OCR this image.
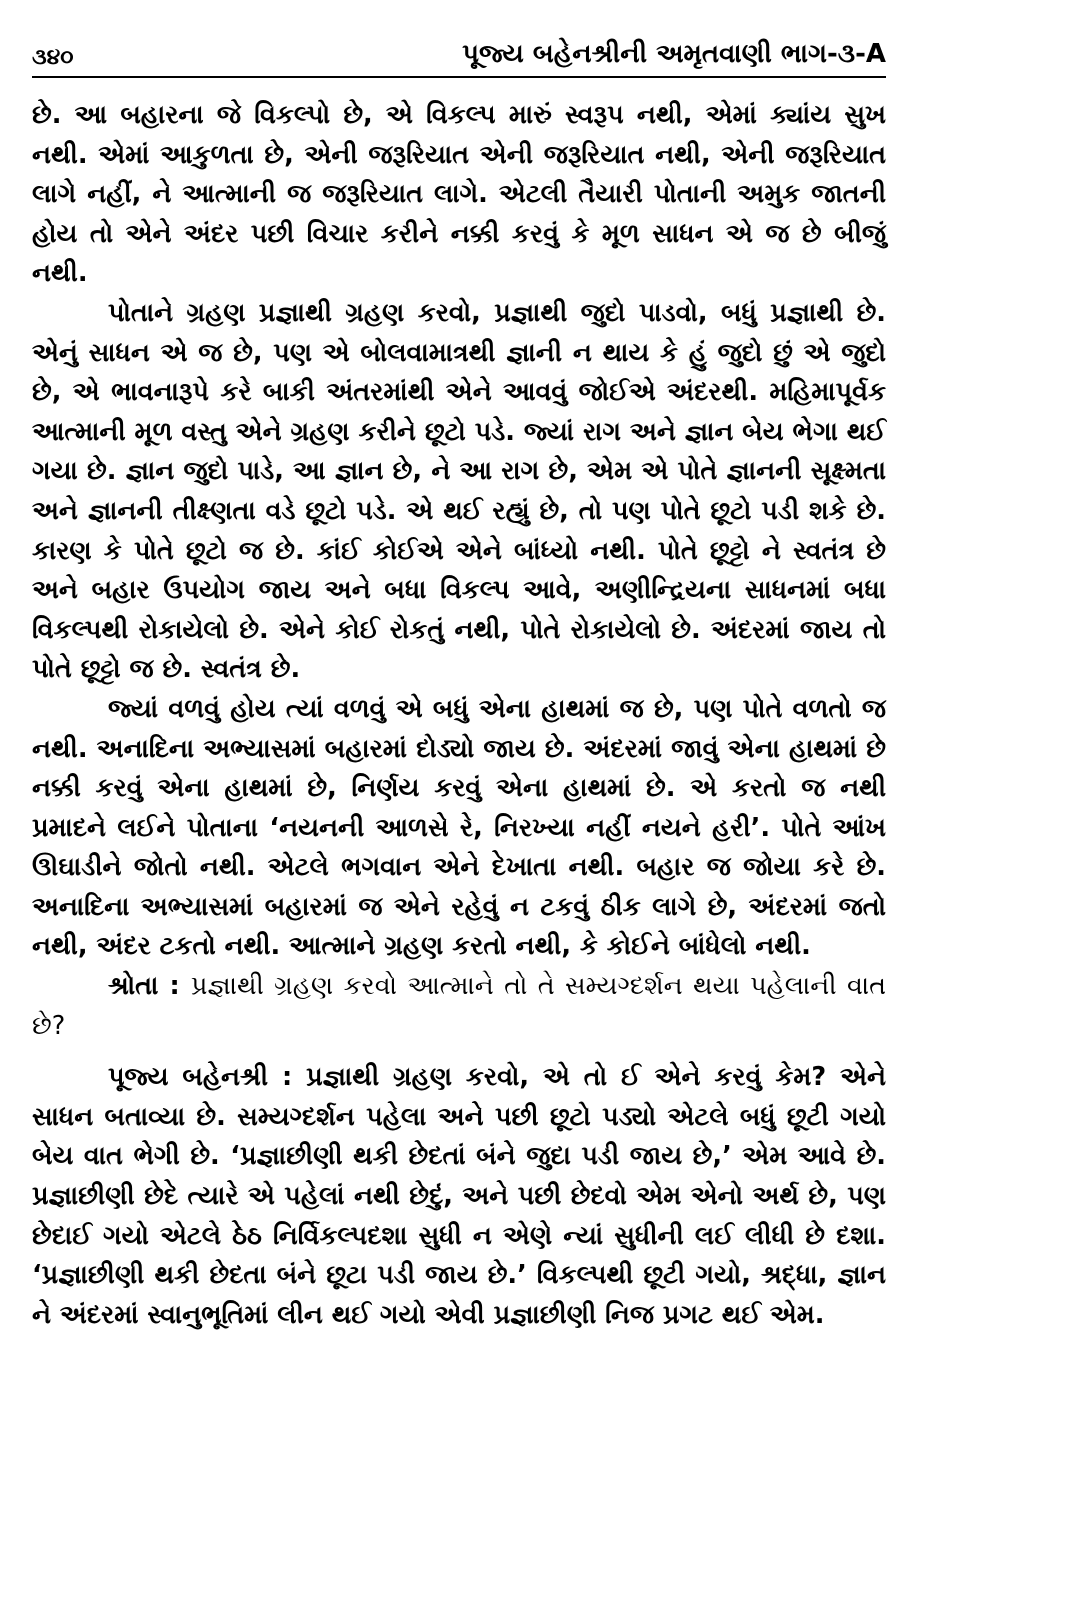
૩૪૦	પૂજ્ય બહેનશ્રીની અમૃતવાણી ભાગ-૩-A

છે. આ બહારના જે વિકલ્પો છે, એ વિકલ્પ મારું સ્વરૂપ નથી, એમાં ક્યાંય સુખ નથી. એમાં આકુળતા છે, એની જરૂરિયાત એની જરૂરિયાત નથી, એની જરૂરિયાત લાગે નહીં, ને આત્માની જ જરૂરિયાત લાગે. એટલી તૈયારી પોતાની અમુક જાતની હોય તો એને અંદર પછી વિચાર કરીને નક્કી કરવું કે મૂળ સાધન એ જ છે બીજું નથી.

પોતાને ગ્રહણ પ્રજ્ઞાથી ગ્રહણ કરવો, પ્રજ્ઞાથી જુદો પાડવો, બધું પ્રજ્ઞાથી છે. એનું સાધન એ જ છે, પણ એ બોલવામાત્રથી જ્ઞાની ન થાય કે હું જુદો છું એ જુદો છે, એ ભાવનારૂપે કરે બાકી અંતરમાંથી એને આવવું જોઈએ અંદરથી. મહિમાપૂર્વક આત્માની મૂળ વસ્તુ એને ગ્રહણ કરીને છૂટો પડે. જ્યાં રાગ અને જ્ઞાન બેય ભેગા થઈ ગયા છે. જ્ઞાન જુદો પાડે, આ જ્ઞાન છે, ને આ રાગ છે, એમ એ પોતે જ્ઞાનની સૂક્ષ્મતા અને જ્ઞાનની તીક્ષ્ણતા વડે છૂટો પડે. એ થઈ રહ્યું છે, તો પણ પોતે છૂટો પડી શકે છે. કારણ કે પોતે છૂટો જ છે. કાંઈ કોઈએ એને બાંધ્યો નથી. પોતે છૂટ્ટો ને સ્વતંત્ર છે અને બહાર ઉપયોગ જાય અને બધા વિકલ્પ આવે, અણીન્દ્રિયના સાધનમાં બધા વિકલ્પથી રોકાયેલો છે. એને કોઈ રોકતું નથી, પોતે રોકાયેલો છે. અંદરમાં જાય તો પોતે છૂટ્ટો જ છે. સ્વતંત્ર છે.

જ્યાં વળવું હોય ત્યાં વળવું એ બધું એના હાથમાં જ છે, પણ પોતે વળતો જ નથી. અનાદિના અભ્યાસમાં બહારમાં દોડ્યો જાય છે. અંદરમાં જાવું એના હાથમાં છે નક્કી કરવું એના હાથમાં છે, નિર્ણય કરવું એના હાથમાં છે. એ કરતો જ નથી પ્રમાદને લઈને પોતાના ‘નયનની આળસે રે, નિરખ્યા નહીં નયને હરી’. પોતે આંખ ઊઘાડીને જોતો નથી. એટલે ભગવાન એને દેખાતા નથી. બહાર જ જોયા કરે છે. અનાદિના અભ્યાસમાં બહારમાં જ એને રહેવું ન ટકવું ઠીક લાગે છે, અંદરમાં જતો નથી, અંદર ટકતો નથી. આત્માને ગ્રહણ કરતો નથી, કે કોઈને બાંધેલો નથી.

શ્રોતા : પ્રજ્ઞાથી ગ્રહણ કરવો આત્માને તો તે સમ્યગ્દર્શન થયા પહેલાની વાત છે?

પૂજ્ય બહેનશ્રી : પ્રજ્ઞાથી ગ્રહણ કરવો, એ તો ઈ એને કરવું કેમ? એને સાધન બતાવ્યા છે. સમ્યગ્દર્શન પહેલા અને પછી છૂટો પડ્યો એટલે બધું છૂટી ગયો બેય વાત ભેગી છે. ‘પ્રજ્ઞાછીણી થકી છેદતાં બંને જુદા પડી જાય છે,’ એમ આવે છે. પ્રજ્ઞાછીણી છેદે ત્યારે એ પહેલાં નથી છેદું, અને પછી છેદવો એમ એનો અર્થ છે, પણ છેદાઈ ગયો એટલે ઠેઠ નિર્વિકલ્પદશા સુધી ન એણે ન્યાં સુધીની લઈ લીધી છે દશા. ‘પ્રજ્ઞાછીણી થકી છેદતા બંને છૂટા પડી જાય છે.’ વિકલ્પથી છૂટી ગયો, શ્રદ્ધા, જ્ઞાન ને અંદરમાં સ્વાનુભૂતિમાં લીન થઈ ગયો એવી પ્રજ્ઞાછીણી નિજ પ્રગટ થઈ એમ.
